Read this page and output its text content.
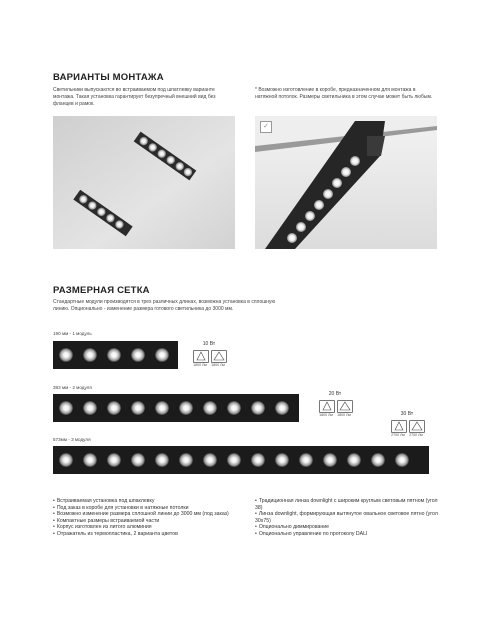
ВАРИАНТЫ МОНТАЖА
Светильники выпускаются во встраиваемом под шпатлевку варианте монтажа. Такая установка гарантирует безупречный внешний вид без фланцев и рамок.
* Возможно изготовление в коробе, предназначенном для монтажа в натяжной потолок. Размеры светильника в этом случае может быть любым.
✓
РАЗМЕРНАЯ СЕТКА
Стандартные модули производятся в трех различных длинах, возможна установка в сплошную линию. Опционально - изменение размера готового светильника до 3000 мм.
190 мм - 1 модуль
10 Вт
1800 Лм	1800 Лм
383 мм - 2 модуля
20 Вт
1800 Лм	1800 Лм
573мм - 3 модуля
30 Вт
2700 Лм	2700 Лм
• Встраиваемая установка под шпаклевку
• Под заказ в коробе для установки в натяжные потолки
• Возможно изменение размера сплошной линии до 3000 мм (под заказ)
• Компактные размеры встраиваемой части
• Корпус изготовлен из литого алюминия
• Отражатель из термопластика, 2 варианта цветов
• Традиционная линза downlight с широким круглым световым пятном (угол 38)
• Линза downlight, формирующая вытянутое овальное световое пятно (угол 30x75)
• Опционально диммирование
• Опционально управление по протоколу DALI
